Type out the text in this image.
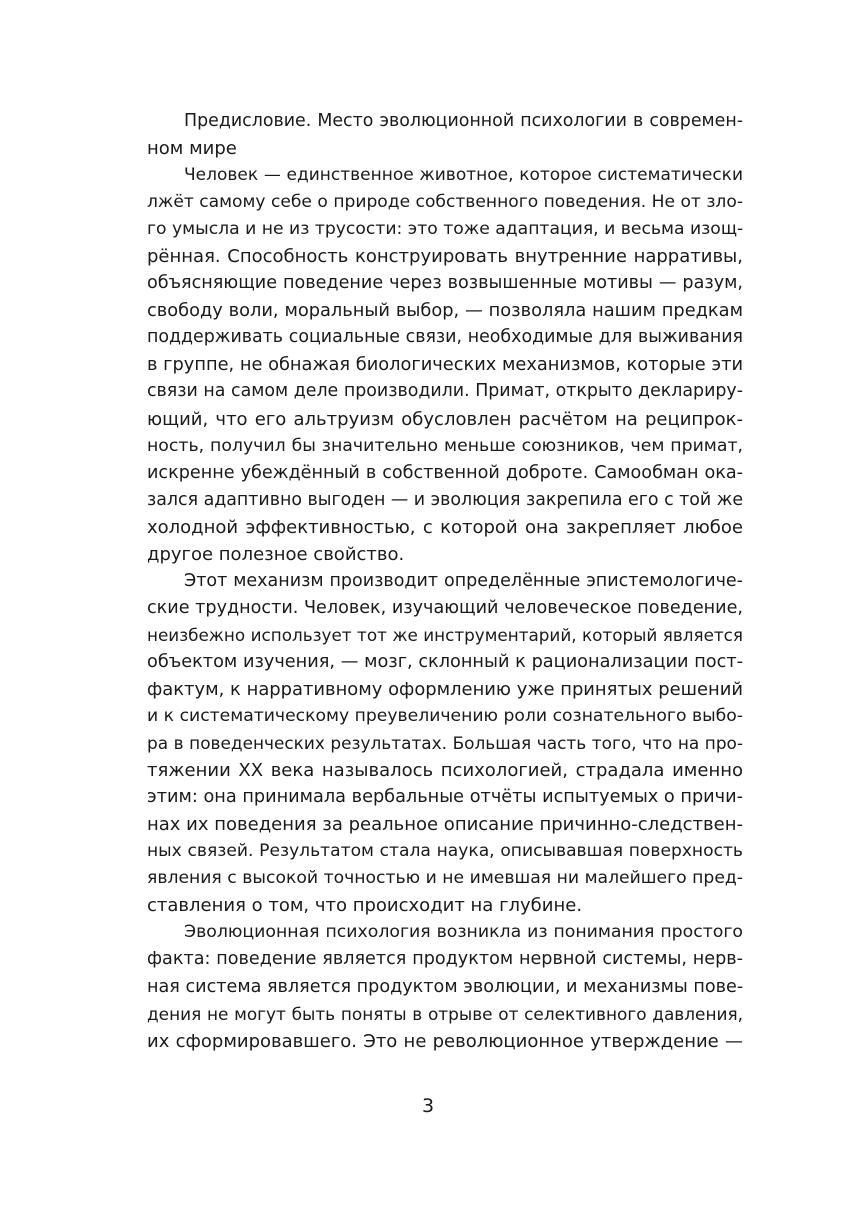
Предисловие. Место эволюционной психологии в современ-
ном мире
Человек — единственное животное, которое систематически
лжёт самому себе о природе собственного поведения. Не от зло-
го умысла и не из трусости: это тоже адаптация, и весьма изощ-
рённая. Способность конструировать внутренние нарративы,
объясняющие поведение через возвышенные мотивы — разум,
свободу воли, моральный выбор, — позволяла нашим предкам
поддерживать социальные связи, необходимые для выживания
в группе, не обнажая биологических механизмов, которые эти
связи на самом деле производили. Примат, открыто деклариру-
ющий, что его альтруизм обусловлен расчётом на реципрок-
ность, получил бы значительно меньше союзников, чем примат,
искренне убеждённый в собственной доброте. Самообман ока-
зался адаптивно выгоден — и эволюция закрепила его с той же
холодной эффективностью, с которой она закрепляет любое
другое полезное свойство.
Этот механизм производит определённые эпистемологиче-
ские трудности. Человек, изучающий человеческое поведение,
неизбежно использует тот же инструментарий, который является
объектом изучения, — мозг, склонный к рационализации пост-
фактум, к нарративному оформлению уже принятых решений
и к систематическому преувеличению роли сознательного выбо-
ра в поведенческих результатах. Большая часть того, что на про-
тяжении XX века называлось психологией, страдала именно
этим: она принимала вербальные отчёты испытуемых о причи-
нах их поведения за реальное описание причинно-следствен-
ных связей. Результатом стала наука, описывавшая поверхность
явления с высокой точностью и не имевшая ни малейшего пред-
ставления о том, что происходит на глубине.
Эволюционная психология возникла из понимания простого
факта: поведение является продуктом нервной системы, нерв-
ная система является продуктом эволюции, и механизмы пове-
дения не могут быть поняты в отрыве от селективного давления,
их сформировавшего. Это не революционное утверждение —
3
